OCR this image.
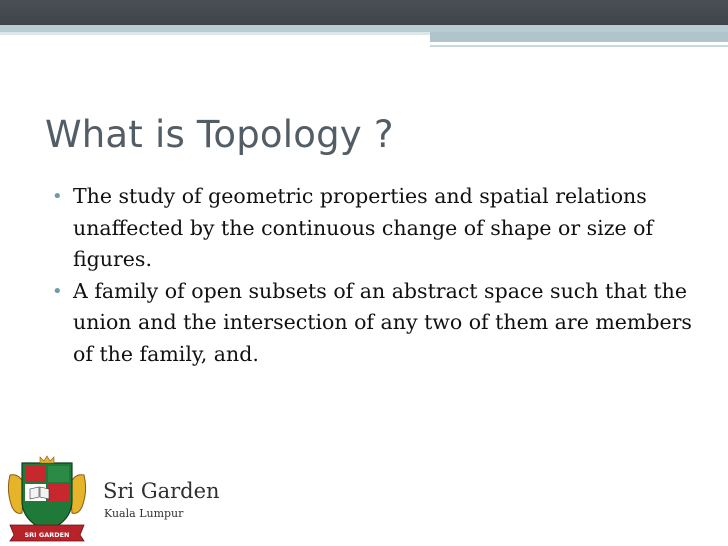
What is Topology ?
• The study of geometric properties and spatial relations unaffected by the continuous change of shape or size of figures.
• A family of open subsets of an abstract space such that the union and the intersection of any two of them are members of the family, and.
SRI GARDEN

Sri Garden

Kuala Lumpur
